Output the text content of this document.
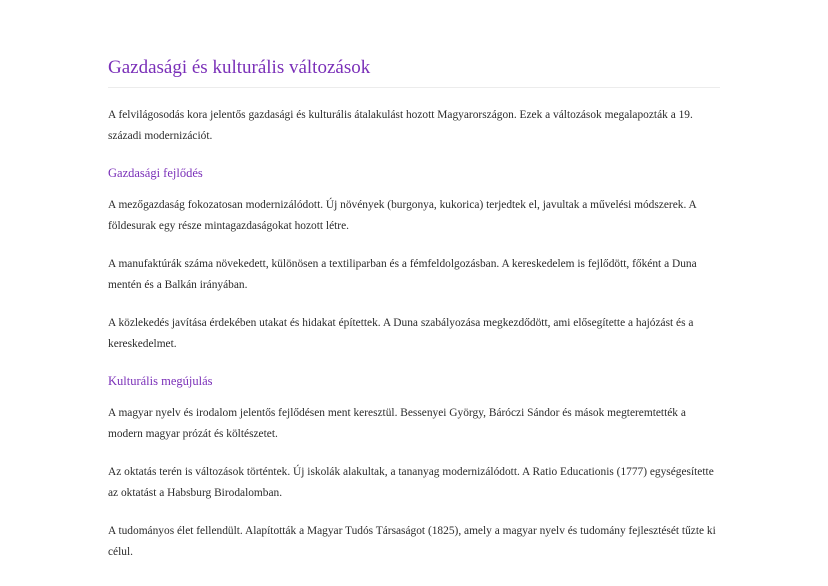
Gazdasági és kulturális változások

A felvilágosodás kora jelentős gazdasági és kulturális átalakulást hozott Magyarországon. Ezek a változások megalapozták a 19. századi modernizációt.

Gazdasági fejlődés

A mezőgazdaság fokozatosan modernizálódott. Új növények (burgonya, kukorica) terjedtek el, javultak a művelési módszerek. A földesurak egy része mintagazdaságokat hozott létre.

A manufaktúrák száma növekedett, különösen a textiliparban és a fémfeldolgozásban. A kereskedelem is fejlődött, főként a Duna mentén és a Balkán irányában.

A közlekedés javítása érdekében utakat és hidakat építettek. A Duna szabályozása megkezdődött, ami elősegítette a hajózást és a kereskedelmet.

Kulturális megújulás

A magyar nyelv és irodalom jelentős fejlődésen ment keresztül. Bessenyei György, Báróczi Sándor és mások megteremtették a modern magyar prózát és költészetet.

Az oktatás terén is változások történtek. Új iskolák alakultak, a tananyag modernizálódott. A Ratio Educationis (1777) egységesítette az oktatást a Habsburg Birodalomban.

A tudományos élet fellendült. Alapították a Magyar Tudós Társaságot (1825), amely a magyar nyelv és tudomány fejlesztését tűzte ki célul.
